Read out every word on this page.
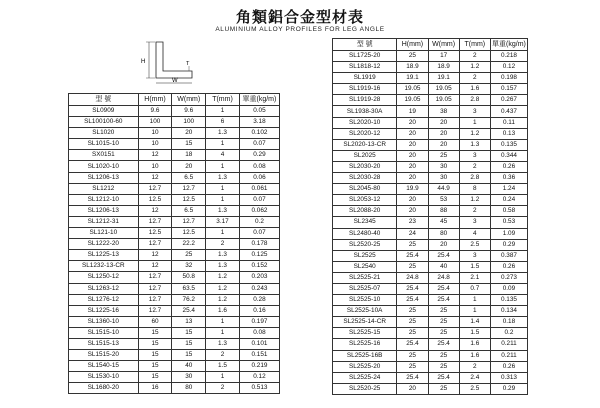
角類鋁合金型材表
ALUMINIUM ALLOY PROFILES FOR LEG ANGLE
H
W
T
型 號	H(mm)	W(mm)	T(mm)	單重(kg/m)
SL0909	9.6	9.6	1	0.05
SL100100-60	100	100	6	3.18
SL1020	10	20	1.3	0.102
SL1015-10	10	15	1	0.07
SX0151	12	18	4	0.29
SL1020-10	10	20	1	0.08
SL1206-13	12	6.5	1.3	0.06
SL1212	12.7	12.7	1	0.061
SL1212-10	12.5	12.5	1	0.07
SL1206-13	12	6.5	1.3	0.062
SL1212-31	12.7	12.7	3.17	0.2
SL121-10	12.5	12.5	1	0.07
SL1222-20	12.7	22.2	2	0.178
SL1225-13	12	25	1.3	0.125
SL1232-13-CR	12	32	1.3	0.152
SL1250-12	12.7	50.8	1.2	0.203
SL1263-12	12.7	63.5	1.2	0.243
SL1276-12	12.7	76.2	1.2	0.28
SL1225-16	12.7	25.4	1.6	0.16
SL1360-10	60	13	1	0.197
SL1515-10	15	15	1	0.08
SL1515-13	15	15	1.3	0.101
SL1515-20	15	15	2	0.151
SL1540-15	15	40	1.5	0.219
SL1530-10	15	30	1	0.12
SL1680-20	16	80	2	0.513
型 號	H(mm)	W(mm)	T(mm)	單重(kg/m)
SL1725-20	25	17	2	0.218
SL1818-12	18.9	18.9	1.2	0.12
SL1919	19.1	19.1	2	0.198
SL1919-16	19.05	19.05	1.6	0.157
SL1919-28	19.05	19.05	2.8	0.267
SL1938-30A	19	38	3	0.437
SL2020-10	20	20	1	0.11
SL2020-12	20	20	1.2	0.13
SL2020-13-CR	20	20	1.3	0.135
SL2025	20	25	3	0.344
SL2030-20	20	30	2	0.26
SL2030-28	20	30	2.8	0.36
SL2045-80	19.9	44.9	8	1.24
SL2053-12	20	53	1.2	0.24
SL2088-20	20	88	2	0.58
SL2345	23	45	3	0.53
SL2480-40	24	80	4	1.09
SL2520-25	25	20	2.5	0.29
SL2525	25.4	25.4	3	0.387
SL2540	25	40	1.5	0.26
SL2525-21	24.8	24.8	2.1	0.273
SL2525-07	25.4	25.4	0.7	0.09
SL2525-10	25.4	25.4	1	0.135
SL2525-10A	25	25	1	0.134
SL2525-14-CR	25	25	1.4	0.18
SL2525-15	25	25	1.5	0.2
SL2525-16	25.4	25.4	1.6	0.211
SL2525-16B	25	25	1.6	0.211
SL2525-20	25	25	2	0.26
SL2525-24	25.4	25.4	2.4	0.313
SL2520-25	20	25	2.5	0.29
